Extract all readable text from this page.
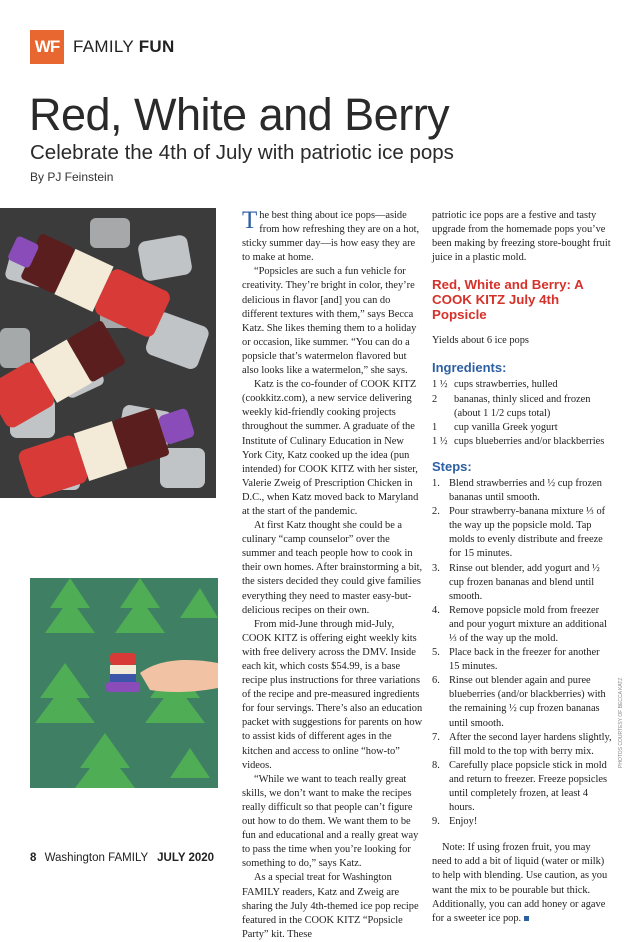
WF FAMILY FUN
Red, White and Berry
Celebrate the 4th of July with patriotic ice pops
By PJ Feinstein

The best thing about ice pops—aside from how refreshing they are on a hot, sticky summer day—is how easy they are to make at home.

“Popsicles are such a fun vehicle for creativity. They’re bright in color, they’re delicious in flavor [and] you can do different textures with them,” says Becca Katz. She likes theming them to a holiday or occasion, like summer. “You can do a popsicle that’s watermelon flavored but also looks like a watermelon,” she says.

Katz is the co-founder of COOK KITZ (cookkitz.com), a new service delivering weekly kid-friendly cooking projects throughout the summer. A graduate of the Institute of Culinary Education in New York City, Katz cooked up the idea (pun intended) for COOK KITZ with her sister, Valerie Zweig of Prescription Chicken in D.C., when Katz moved back to Maryland at the start of the pandemic.

At first Katz thought she could be a culinary “camp counselor” over the summer and teach people how to cook in their own homes. After brainstorming a bit, the sisters decided they could give families everything they need to master easy-but-delicious recipes on their own.

From mid-June through mid-July, COOK KITZ is offering eight weekly kits with free delivery across the DMV. Inside each kit, which costs $54.99, is a base recipe plus instructions for three variations of the recipe and pre-measured ingredients for four servings. There’s also an education packet with suggestions for parents on how to assist kids of different ages in the kitchen and access to online “how-to” videos.

“While we want to teach really great skills, we don’t want to make the recipes really difficult so that people can’t figure out how to do them. We want them to be fun and educational and a really great way to pass the time when you’re looking for something to do,” says Katz.

As a special treat for Washington FAMILY readers, Katz and Zweig are sharing the July 4th-themed ice pop recipe featured in the COOK KITZ “Popsicle Party” kit. These

patriotic ice pops are a festive and tasty upgrade from the homemade pops you’ve been making by freezing store-bought fruit juice in a plastic mold.

Red, White and Berry: A COOK KITZ July 4th Popsicle
Yields about 6 ice pops
Ingredients:
1 ½ cups strawberries, hulled
2	bananas, thinly sliced and frozen (about 1 1/2 cups total)
1	cup vanilla Greek yogurt
1 ½ cups blueberries and/or blackberries
Steps:
1. Blend strawberries and ½ cup frozen bananas until smooth.
2. Pour strawberry-banana mixture ⅓ of the way up the popsicle mold. Tap molds to evenly distribute and freeze for 15 minutes.
3. Rinse out blender, add yogurt and ½ cup frozen bananas and blend until smooth.
4. Remove popsicle mold from freezer and pour yogurt mixture an additional ⅓ of the way up the mold.
5. Place back in the freezer for another 15 minutes.
6. Rinse out blender again and puree blueberries (and/or blackberries) with the remaining ½ cup frozen bananas until smooth.
7. After the second layer hardens slightly, fill mold to the top with berry mix.
8. Carefully place popsicle stick in mold and return to freezer. Freeze popsicles until completely frozen, at least 4 hours.
9. Enjoy!

Note: If using frozen fruit, you may need to add a bit of liquid (water or milk) to help with blending. Use caution, as you want the mix to be pourable but thick. Additionally, you can add honey or agave for a sweeter ice pop.

PHOTOS COURTESY OF BECCA KATZ
8 Washington FAMILY JULY 2020
